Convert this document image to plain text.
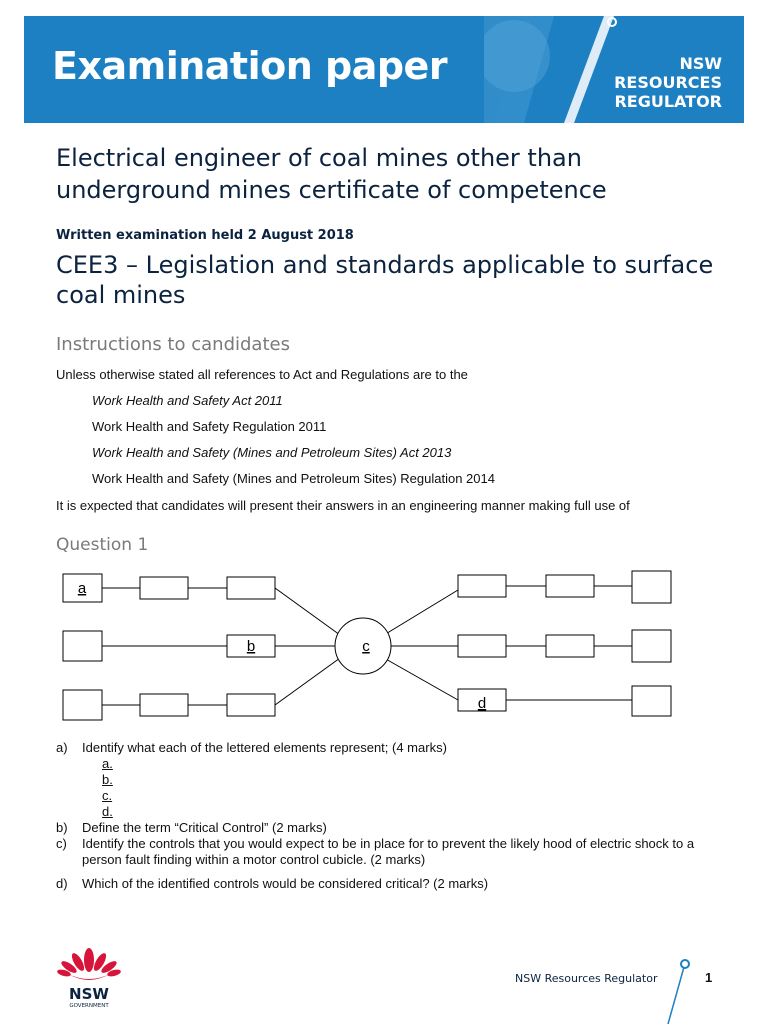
Examination paper	NSW
RESOURCES
REGULATOR
Electrical engineer of coal mines other than underground mines certificate of competence
Written examination held 2 August 2018
CEE3 – Legislation and standards applicable to surface coal mines
Instructions to candidates
Unless otherwise stated all references to Act and Regulations are to the
Work Health and Safety Act 2011
Work Health and Safety Regulation 2011
Work Health and Safety (Mines and Petroleum Sites) Act 2013
Work Health and Safety (Mines and Petroleum Sites) Regulation 2014
It is expected that candidates will present their answers in an engineering manner making full use of
Question 1
a
b	c
d
a) Identify what each of the lettered elements represent; (4 marks)
a.
b.
c.
d.
b) Define the term “Critical Control” (2 marks)
c) Identify the controls that you would expect to be in place for to prevent the likely hood of electric shock to a person fault finding within a motor control cubicle. (2 marks)
d) Which of the identified controls would be considered critical? (2 marks)
NSW
GOVERNMENT
NSW Resources Regulator	1
